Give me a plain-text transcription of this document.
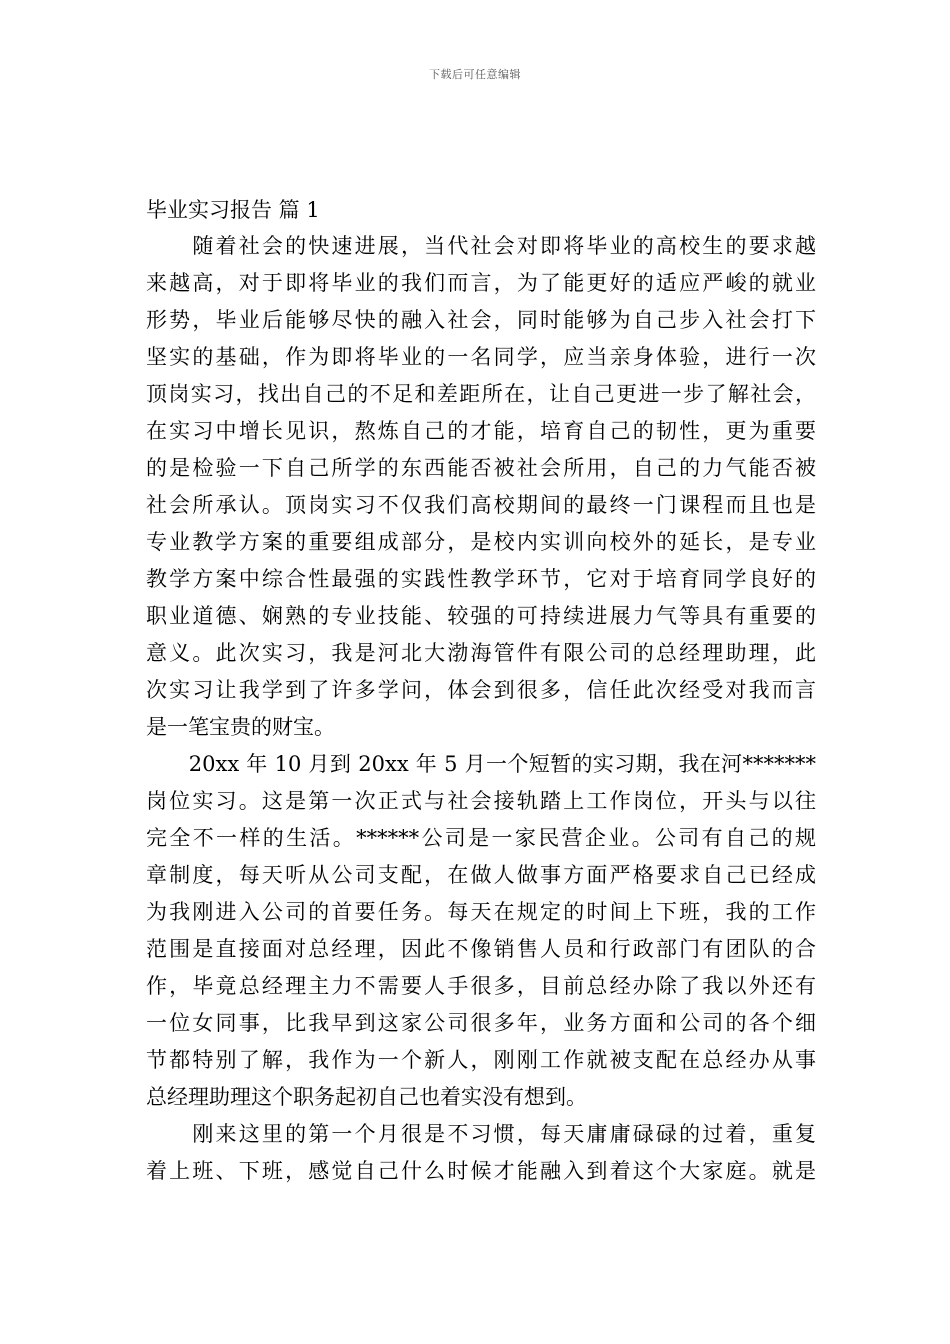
下载后可任意编辑
毕业实习报告 篇 1
　　随着社会的快速进展，当代社会对即将毕业的高校生的要求越
来越高，对于即将毕业的我们而言，为了能更好的适应严峻的就业
形势，毕业后能够尽快的融入社会，同时能够为自己步入社会打下
坚实的基础，作为即将毕业的一名同学，应当亲身体验，进行一次
顶岗实习，找出自己的不足和差距所在，让自己更进一步了解社会，
在实习中增长见识，熬炼自己的才能，培育自己的韧性，更为重要
的是检验一下自己所学的东西能否被社会所用，自己的力气能否被
社会所承认。顶岗实习不仅我们高校期间的最终一门课程而且也是
专业教学方案的重要组成部分，是校内实训向校外的延长，是专业
教学方案中综合性最强的实践性教学环节，它对于培育同学良好的
职业道德、娴熟的专业技能、较强的可持续进展力气等具有重要的
意义。此次实习，我是河北大渤海管件有限公司的总经理助理，此
次实习让我学到了许多学问，体会到很多，信任此次经受对我而言
是一笔宝贵的财宝。
　　20xx 年 10 月到 20xx 年 5 月一个短暂的实习期，我在河*******
岗位实习。这是第一次正式与社会接轨踏上工作岗位，开头与以往
完全不一样的生活。******公司是一家民营企业。公司有自己的规
章制度，每天听从公司支配，在做人做事方面严格要求自己已经成
为我刚进入公司的首要任务。每天在规定的时间上下班，我的工作
范围是直接面对总经理，因此不像销售人员和行政部门有团队的合
作，毕竟总经理主力不需要人手很多，目前总经办除了我以外还有
一位女同事，比我早到这家公司很多年，业务方面和公司的各个细
节都特别了解，我作为一个新人，刚刚工作就被支配在总经办从事
总经理助理这个职务起初自己也着实没有想到。
　　刚来这里的第一个月很是不习惯，每天庸庸碌碌的过着，重复
着上班、下班，感觉自己什么时候才能融入到着这个大家庭。就是
